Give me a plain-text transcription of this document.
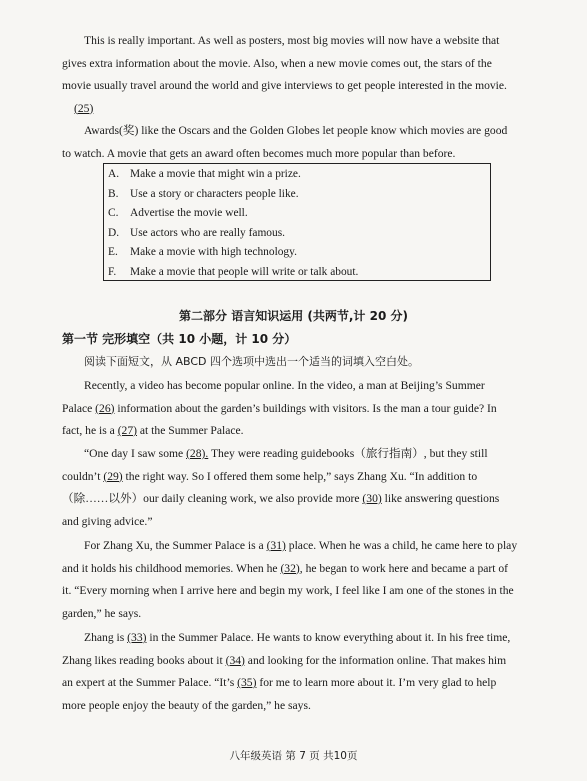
This is really important. As well as posters, most big movies will now have a website that
gives extra information about the movie. Also, when a new movie comes out, the stars of the
movie usually travel around the world and give interviews to get people interested in the movie.
(25)

Awards(奖) like the Oscars and the Golden Globes let people know which movies are good
to watch. A movie that gets an award often becomes much more popular than before.

A. Make a movie that might win a prize.
B. Use a story or characters people like.
C. Advertise the movie well.
D. Use actors who are really famous.
E. Make a movie with high technology.
F. Make a movie that people will write or talk about.
第二部分 语言知识运用 (共两节,计 20 分)
第一节 完形填空（共 10 小题，计 10 分）

阅读下面短文，从 ABCD 四个选项中选出一个适当的词填入空白处。

Recently, a video has become popular online. In the video, a man at Beijing’s Summer
Palace (26) information about the garden’s buildings with visitors. Is the man a tour guide? In
fact, he is a (27) at the Summer Palace.

“One day I saw some (28). They were reading guidebooks（旅行指南）, but they still
couldn’t (29) the right way. So I offered them some help,” says Zhang Xu. “In addition to
（除……以外）our daily cleaning work, we also provide more (30) like answering questions
and giving advice.”

For Zhang Xu, the Summer Palace is a (31) place. When he was a child, he came here to play
and it holds his childhood memories. When he (32), he began to work here and became a part of
it. “Every morning when I arrive here and begin my work, I feel like I am one of the stones in the
garden,” he says.

Zhang is (33) in the Summer Palace. He wants to know everything about it. In his free time,
Zhang likes reading books about it (34) and looking for the information online. That makes him
an expert at the Summer Palace. “It’s (35) for me to learn more about it. I’m very glad to help
more people enjoy the beauty of the garden,” he says.

八年级英语 第 7 页 共10页
